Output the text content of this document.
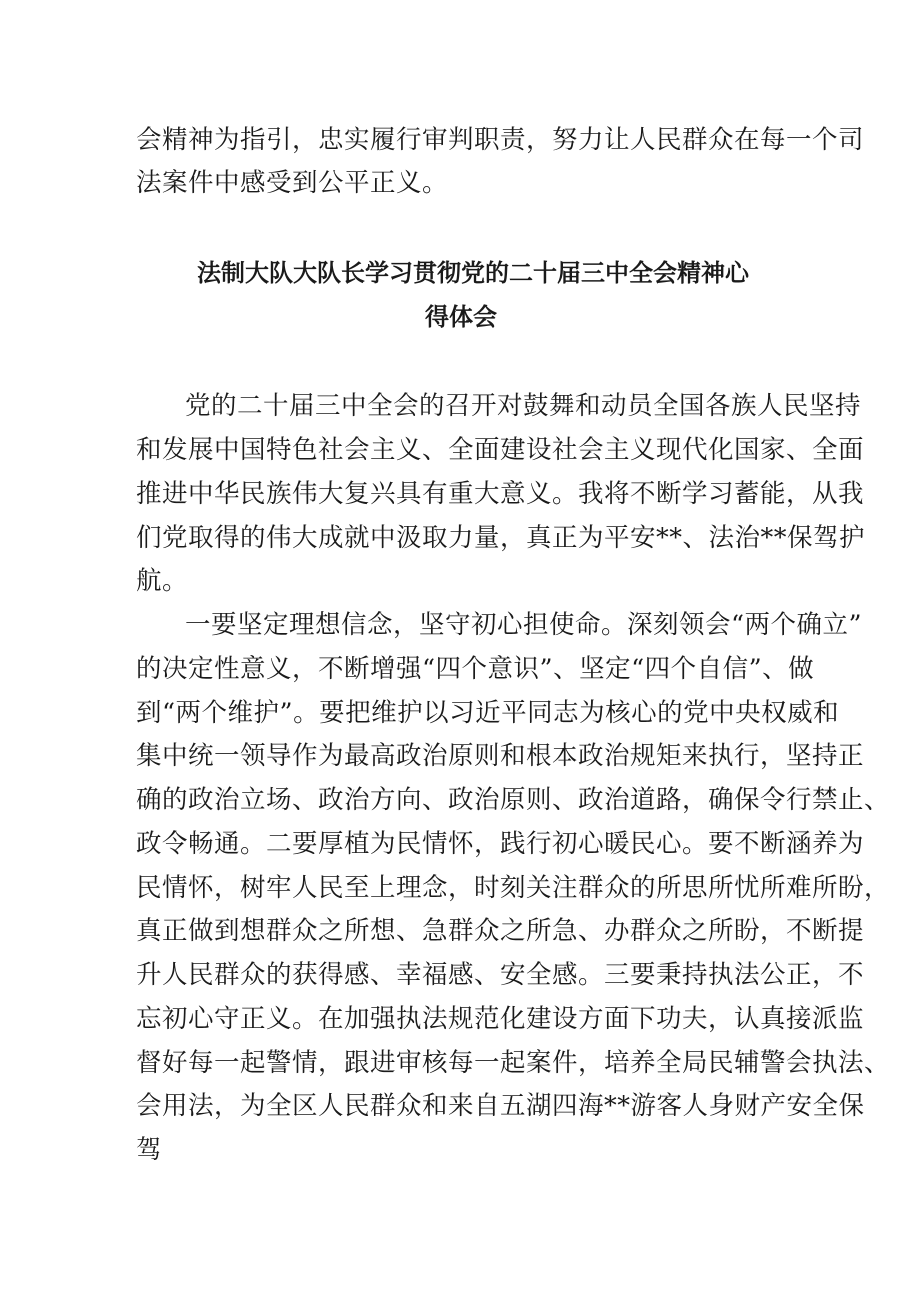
会精神为指引，忠实履行审判职责，努力让人民群众在每一个司
法案件中感受到公平正义。
法制大队大队长学习贯彻党的二十届三中全会精神心
得体会
党的二十届三中全会的召开对鼓舞和动员全国各族人民坚持
和发展中国特色社会主义、全面建设社会主义现代化国家、全面
推进中华民族伟大复兴具有重大意义。我将不断学习蓄能，从我
们党取得的伟大成就中汲取力量，真正为平安**、法治**保驾护
航。
一要坚定理想信念，坚守初心担使命。深刻领会“两个确立”
的决定性意义，不断增强“四个意识”、坚定“四个自信”、做
到“两个维护”。要把维护以习近平同志为核心的党中央权威和
集中统一领导作为最高政治原则和根本政治规矩来执行，坚持正
确的政治立场、政治方向、政治原则、政治道路，确保令行禁止、
政令畅通。二要厚植为民情怀，践行初心暖民心。要不断涵养为
民情怀，树牢人民至上理念，时刻关注群众的所思所忧所难所盼，
真正做到想群众之所想、急群众之所急、办群众之所盼，不断提
升人民群众的获得感、幸福感、安全感。三要秉持执法公正，不
忘初心守正义。在加强执法规范化建设方面下功夫，认真接派监
督好每一起警情，跟进审核每一起案件，培养全局民辅警会执法、
会用法，为全区人民群众和来自五湖四海**游客人身财产安全保
驾
